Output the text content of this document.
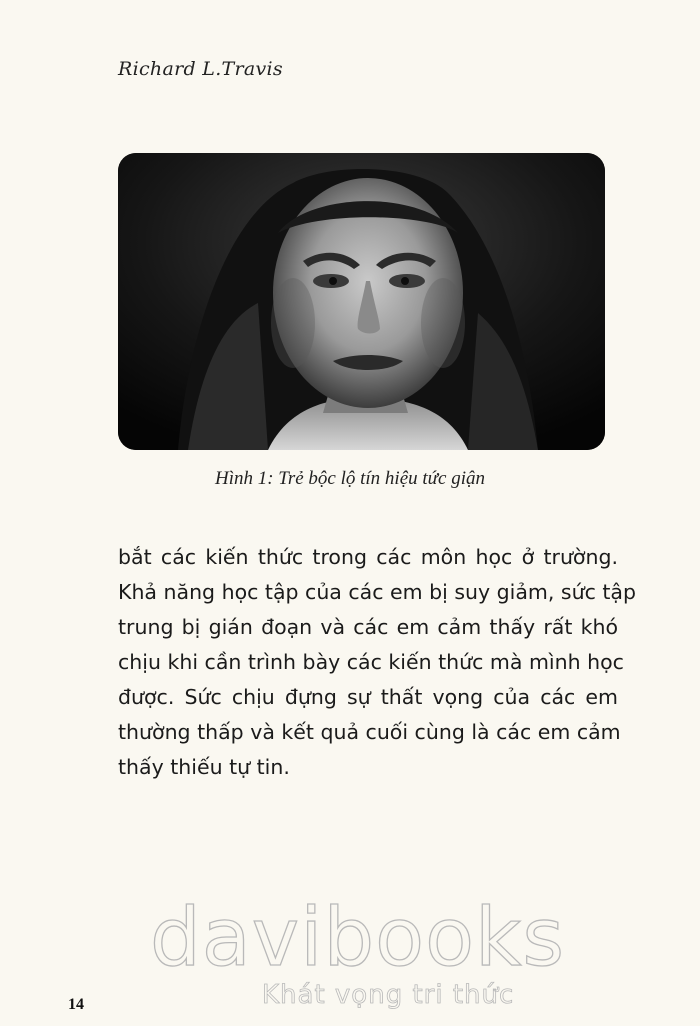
Richard L.Travis
Hình 1: Trẻ bộc lộ tín hiệu tức giận
bắt các kiến thức trong các môn học ở trường.
Khả năng học tập của các em bị suy giảm, sức tập
trung bị gián đoạn và các em cảm thấy rất khó
chịu khi cần trình bày các kiến thức mà mình học
được. Sức chịu đựng sự thất vọng của các em
thường thấp và kết quả cuối cùng là các em cảm
thấy thiếu tự tin.
davibooks
Khát vọng tri thức
14
